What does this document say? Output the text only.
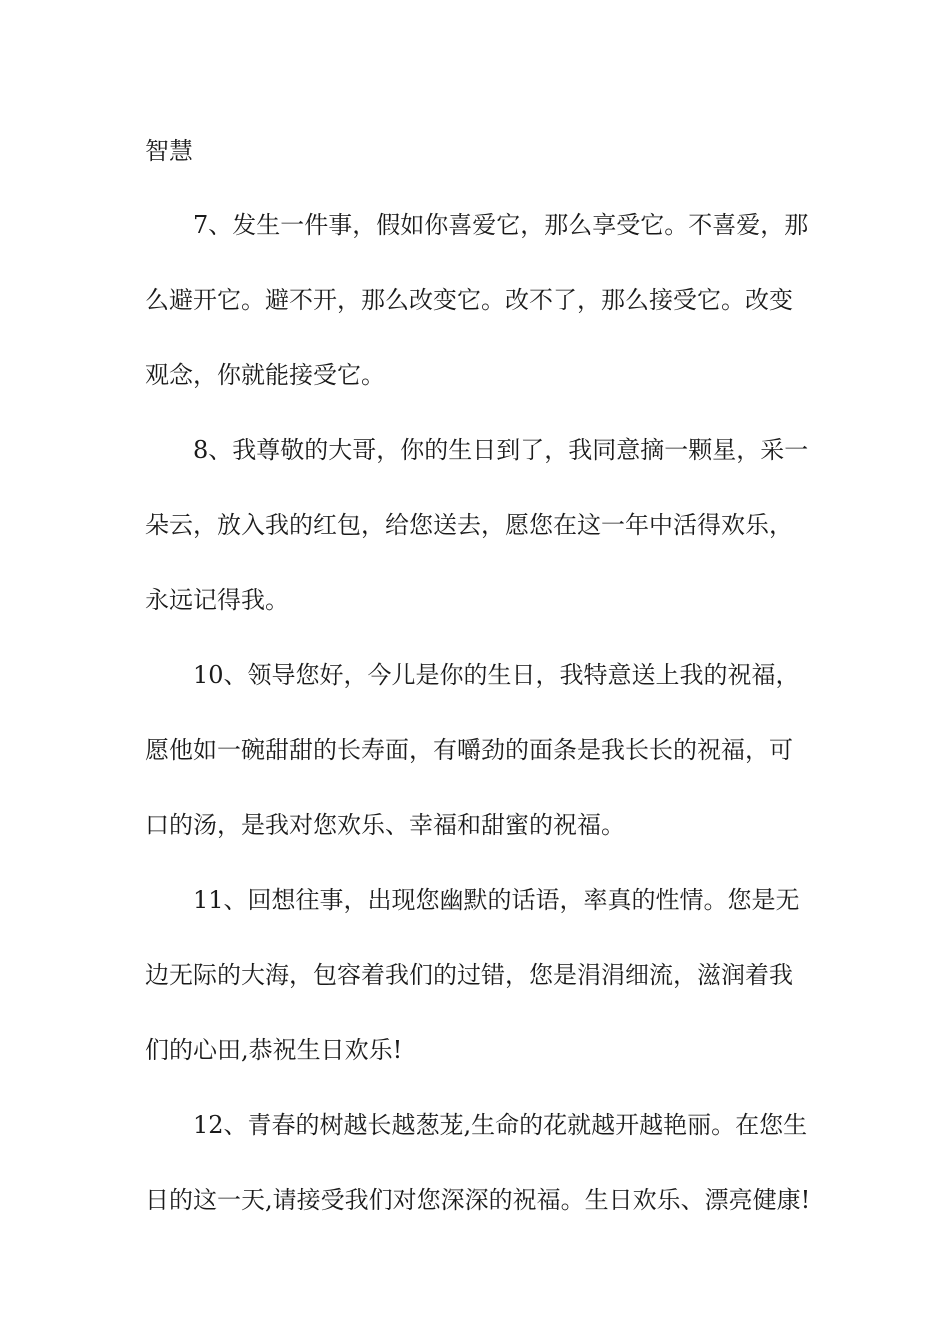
智慧
7、发生一件事，假如你喜爱它，那么享受它。不喜爱，那
么避开它。避不开，那么改变它。改不了，那么接受它。改变
观念，你就能接受它。
8、我尊敬的大哥，你的生日到了，我同意摘一颗星，采一
朵云，放入我的红包，给您送去，愿您在这一年中活得欢乐，
永远记得我。
10、领导您好，今儿是你的生日，我特意送上我的祝福，
愿他如一碗甜甜的长寿面，有嚼劲的面条是我长长的祝福，可
口的汤，是我对您欢乐、幸福和甜蜜的祝福。
11、回想往事，出现您幽默的话语，率真的性情。您是无
边无际的大海，包容着我们的过错，您是涓涓细流，滋润着我
们的心田,恭祝生日欢乐!
12、青春的树越长越葱茏,生命的花就越开越艳丽。在您生
日的这一天,请接受我们对您深深的祝福。生日欢乐、漂亮健康!
